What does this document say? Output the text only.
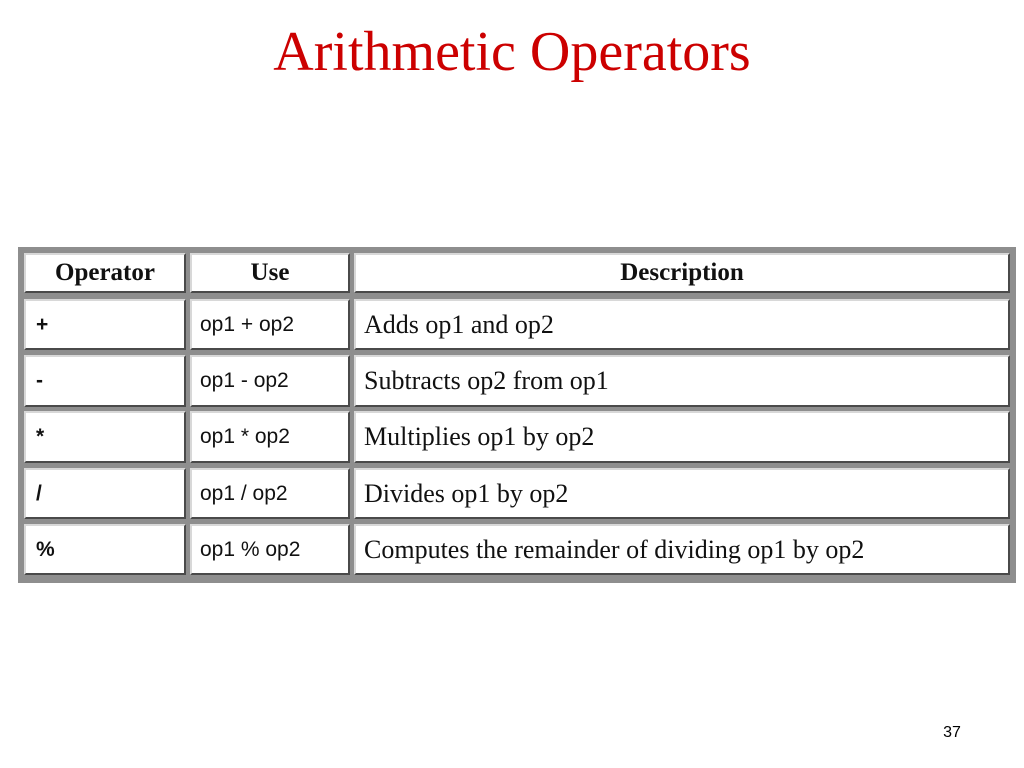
Arithmetic Operators
Operator	Use	Description
+	op1 + op2	Adds op1 and op2
-	op1 - op2	Subtracts op2 from op1
*	op1 * op2	Multiplies op1 by op2
/	op1 / op2	Divides op1 by op2
%	op1 % op2	Computes the remainder of dividing op1 by op2
37
